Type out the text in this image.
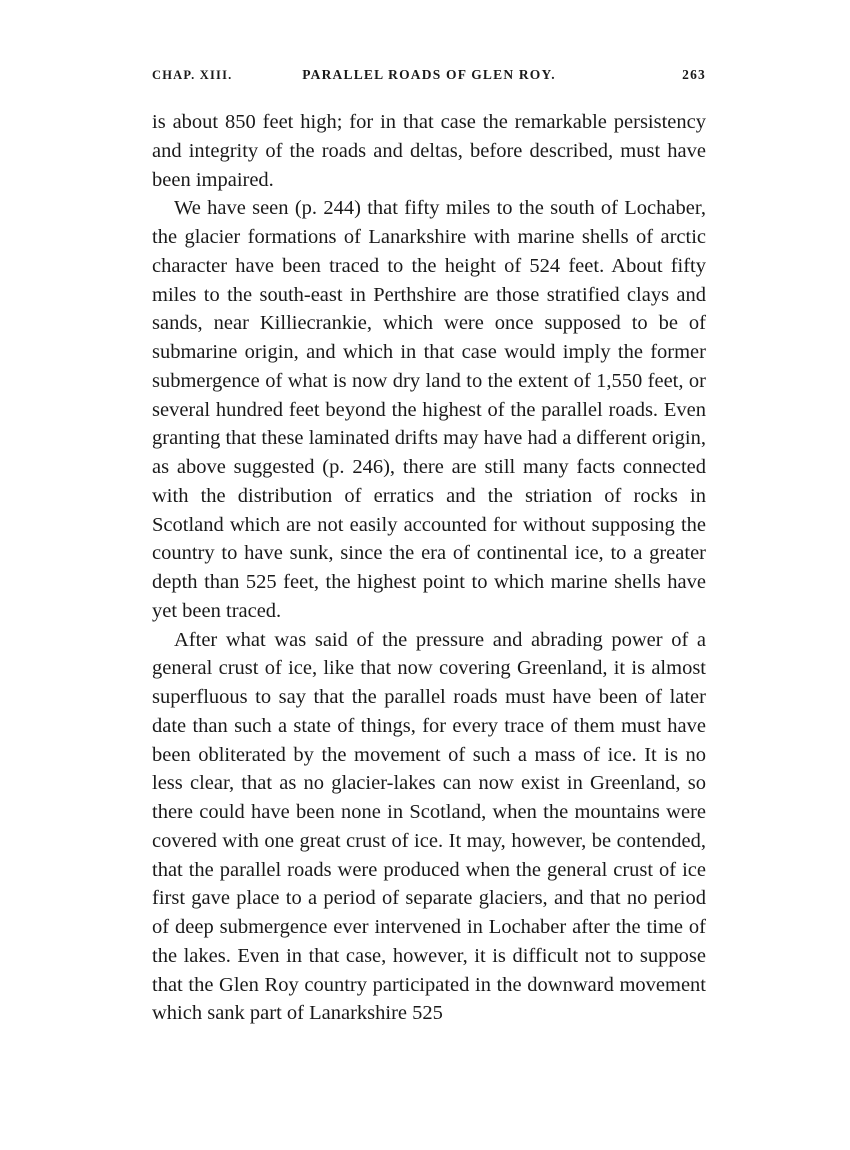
CHAP. XIII.	PARALLEL ROADS OF GLEN ROY.	263

is about 850 feet high; for in that case the remarkable persistency and integrity of the roads and deltas, before described, must have been impaired.

We have seen (p. 244) that fifty miles to the south of Lochaber, the glacier formations of Lanarkshire with marine shells of arctic character have been traced to the height of 524 feet. About fifty miles to the south-east in Perthshire are those stratified clays and sands, near Killiecrankie, which were once supposed to be of submarine origin, and which in that case would imply the former submergence of what is now dry land to the extent of 1,550 feet, or several hundred feet beyond the highest of the parallel roads. Even granting that these laminated drifts may have had a different origin, as above suggested (p. 246), there are still many facts connected with the distribution of erratics and the striation of rocks in Scotland which are not easily accounted for without supposing the country to have sunk, since the era of continental ice, to a greater depth than 525 feet, the highest point to which marine shells have yet been traced.

After what was said of the pressure and abrading power of a general crust of ice, like that now covering Greenland, it is almost superfluous to say that the parallel roads must have been of later date than such a state of things, for every trace of them must have been obliterated by the movement of such a mass of ice. It is no less clear, that as no glacier-lakes can now exist in Greenland, so there could have been none in Scotland, when the mountains were covered with one great crust of ice. It may, however, be contended, that the parallel roads were produced when the general crust of ice first gave place to a period of separate glaciers, and that no period of deep submergence ever intervened in Lochaber after the time of the lakes. Even in that case, however, it is difficult not to suppose that the Glen Roy country participated in the downward movement which sank part of Lanarkshire 525
